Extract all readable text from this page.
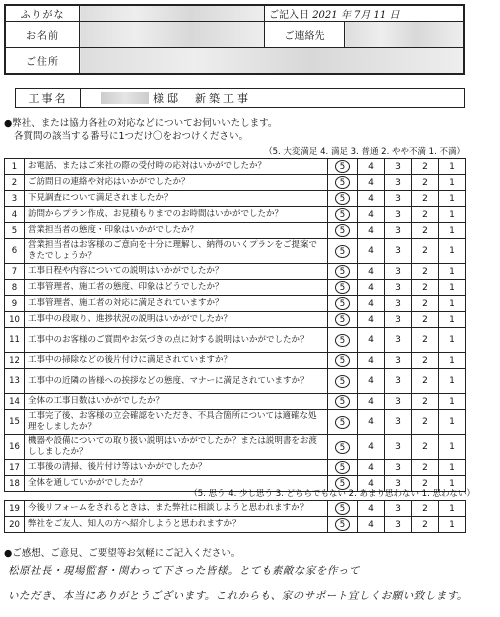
ふりがな		ご記入日 2021 年 7月 11 日	
お名前		ご連絡先	
ご住所			
工事名	様邸　新築工事
●弊社、または協力各社の対応などについてお伺いいたします。
各質問の該当する番号に1つだけ〇をおつけください。
（5. 大変満足 4. 満足 3. 普通 2. やや不満 1. 不満）
1	お電話、またはご来社の際の受付時の応対はいかがでしたか？	5	4	3	2	1
2	ご訪問日の連絡や対応はいかがでしたか？	5	4	3	2	1
3	下見調査について満足されましたか？	5	4	3	2	1
4	訪問からプラン作成、お見積もりまでのお時間はいかがでしたか？	5	4	3	2	1
5	営業担当者の態度・印象はいかがでしたか？	5	4	3	2	1
6	営業担当者はお客様のご意向を十分に理解し、納得のいくプランをご提案できたでしょうか？	5	4	3	2	1
7	工事日程や内容についての説明はいかがでしたか？	5	4	3	2	1
8	工事管理者、施工者の態度、印象はどうでしたか？	5	4	3	2	1
9	工事管理者、施工者の対応に満足されていますか？	5	4	3	2	1
10	工事中の段取り、進捗状況の説明はいかがでしたか？	5	4	3	2	1
11	工事中のお客様のご質問やお気づきの点に対する説明はいかがでしたか？	5	4	3	2	1
12	工事中の掃除などの後片付けに満足されていますか？	5	4	3	2	1
13	工事中の近隣の皆様への挨拶などの態度、マナーに満足されていますか？	5	4	3	2	1
14	全体の工事日数はいかがでしたか？	5	4	3	2	1
15	工事完了後、お客様の立会確認をいただき、不具合箇所については適確な処理をしましたか？	5	4	3	2	1
16	機器や設備についての取り扱い説明はいかがでしたか？または説明書をお渡ししましたか？	5	4	3	2	1
17	工事後の清掃、後片付け等はいかがでしたか？	5	4	3	2	1
18	全体を通していかがでしたか？	5	4	3	2	1
（5. 思う 4. 少し思う 3. どちらでもない 2. あまり思わない 1. 思わない）
19	今後リフォームをされるときは、また弊社に相談しようと思われますか？	5	4	3	2	1
20	弊社をご友人、知人の方へ紹介しようと思われますか？	5	4	3	2	1
●ご感想、ご意見、ご要望等お気軽にご記入ください。
松原社長・現場監督・関わって下さった皆様。とても素敵な家を作って
いただき、本当にありがとうございます。これからも、家のサポート宜しくお願い致します。
